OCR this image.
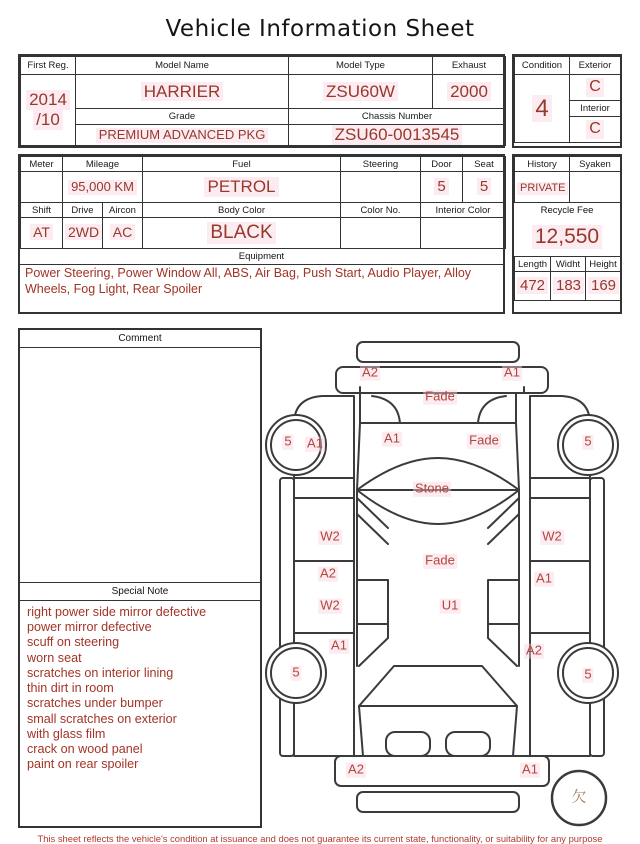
Vehicle Information Sheet
First Reg.	Model Name	Model Type	Exhaust
2014 /10	HARRIER	ZSU60W	2000
	Grade	Chassis Number	
	PREMIUM ADVANCED PKG	ZSU60-0013545	
Condition	Exterior
4	C
	Interior
	C
Meter	Mileage	Fuel	Steering	Door	Seat
	95,000 KM	PETROL		5	5
Shift	Drive	Aircon	Body Color	Color No.	Interior Color
AT	2WD	AC	BLACK		
Equipment
Power Steering, Power Window All, ABS, Air Bag, Push Start, Audio Player, Alloy Wheels, Fog Light, Rear Spoiler
History	Syaken
PRIVATE	
Recycle Fee
12,550
Length	Widht	Height
472	183	169
Comment
Special Note
right power side mirror defective
power mirror defective
scuff on steering
worn seat
scratches on interior lining
thin dirt in room
scratches under bumper
small scratches on exterior
with glass film
crack on wood panel
paint on rear spoiler
A2	A1
Fade
A1	Fade
5 A1	5
Stone
W2	W2
Fade
A2	A1
W2	U1
A1	A2
5	5
A2	A1
欠
This sheet reflects the vehicle's condition at issuance and does not guarantee its current state, functionality, or suitability for any purpose
